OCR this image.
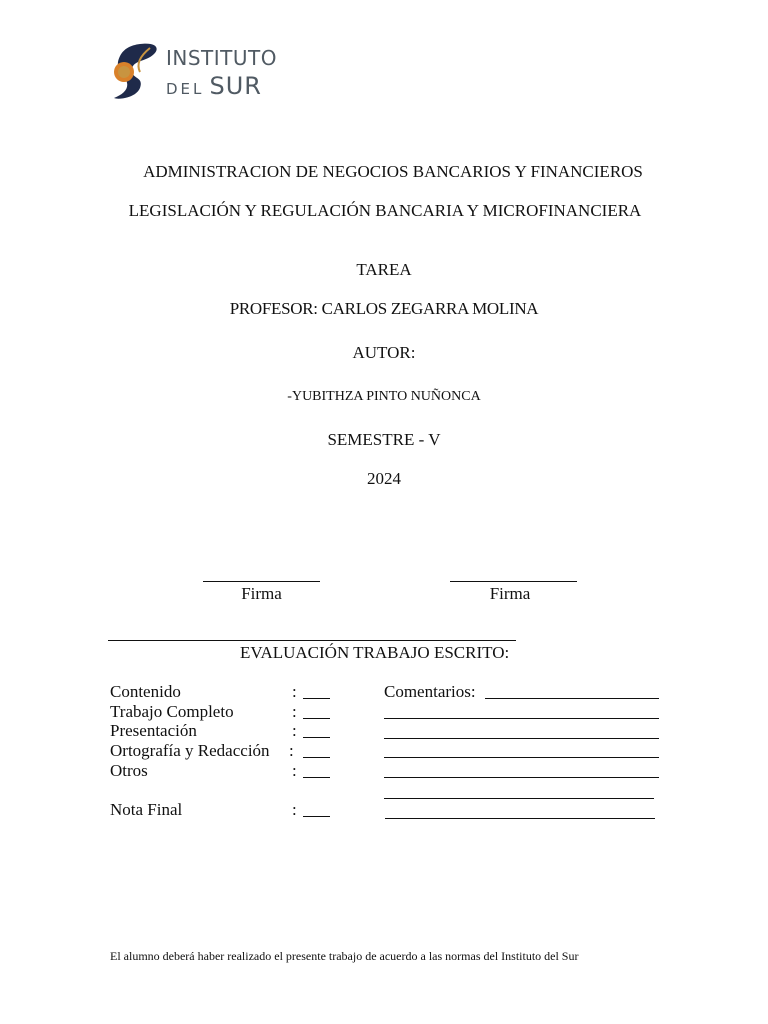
INSTITUTO
DEL SUR
ADMINISTRACION DE NEGOCIOS BANCARIOS Y FINANCIEROS
LEGISLACIÓN Y REGULACIÓN BANCARIA Y MICROFINANCIERA
TAREA
PROFESOR: CARLOS ZEGARRA MOLINA
AUTOR:
-YUBITHZA PINTO NUÑONCA
SEMESTRE - V
2024
Firma	Firma
EVALUACIÓN TRABAJO ESCRITO:
Contenido	:
Trabajo Completo	:
Presentación	:
Ortografía y Redacción :
Otros	:
Nota Final	:
Comentarios:
El alumno deberá haber realizado el presente trabajo de acuerdo a las normas del Instituto del Sur
